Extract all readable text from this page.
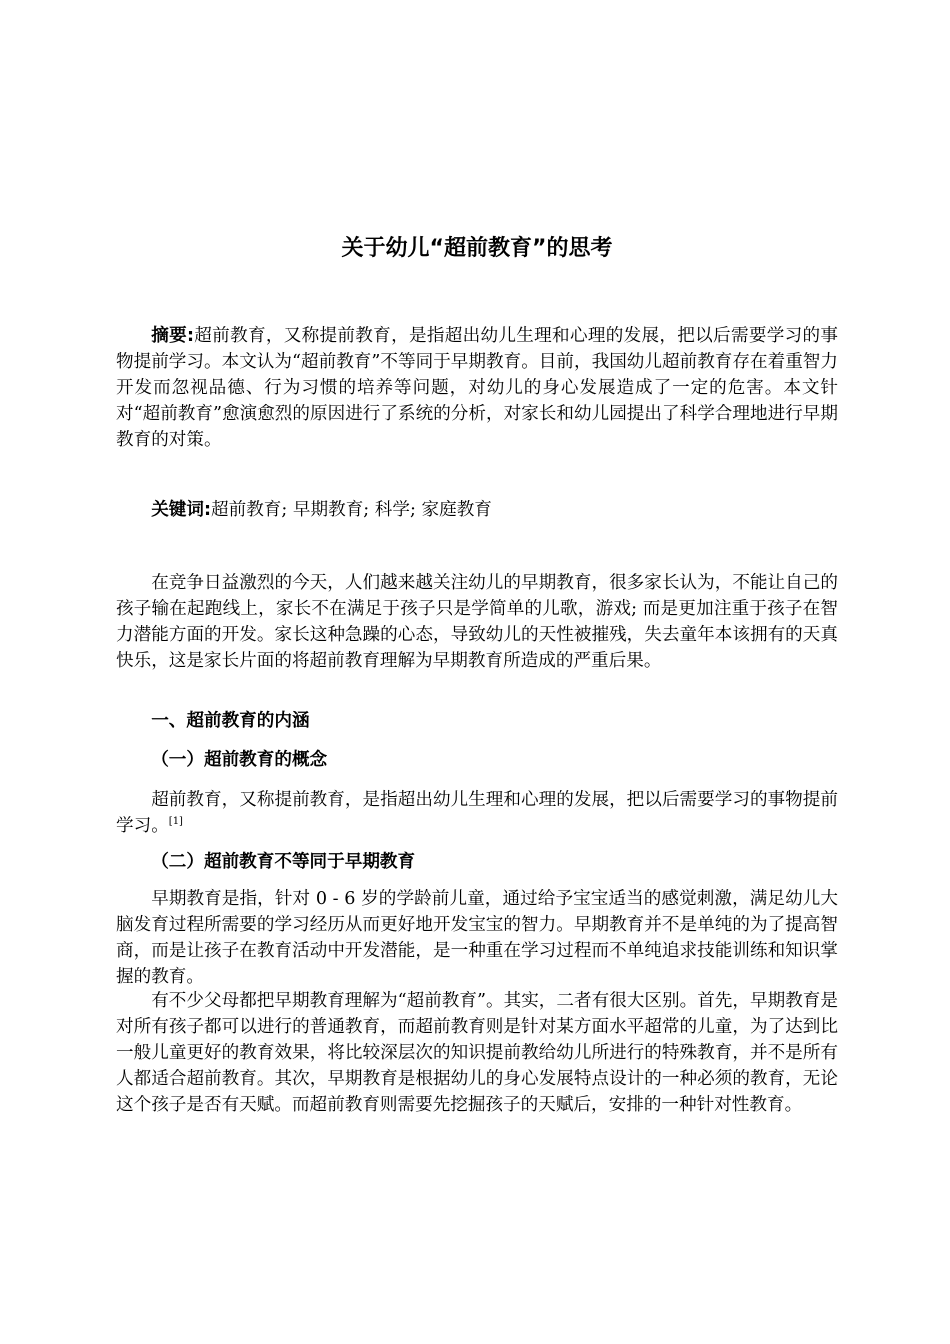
关于幼儿“超前教育”的思考

摘要:超前教育，又称提前教育，是指超出幼儿生理和心理的发展，把以后需要学习的事物提前学习。本文认为“超前教育”不等同于早期教育。目前，我国幼儿超前教育存在着重智力开发而忽视品德、行为习惯的培养等问题，对幼儿的身心发展造成了一定的危害。本文针对“超前教育”愈演愈烈的原因进行了系统的分析，对家长和幼儿园提出了科学合理地进行早期教育的对策。

关键词:超前教育; 早期教育; 科学; 家庭教育

在竞争日益激烈的今天，人们越来越关注幼儿的早期教育，很多家长认为，不能让自己的孩子输在起跑线上，家长不在满足于孩子只是学简单的儿歌，游戏; 而是更加注重于孩子在智力潜能方面的开发。家长这种急躁的心态，导致幼儿的天性被摧残，失去童年本该拥有的天真快乐，这是家长片面的将超前教育理解为早期教育所造成的严重后果。

一、超前教育的内涵
（一）超前教育的概念

超前教育，又称提前教育，是指超出幼儿生理和心理的发展，把以后需要学习的事物提前学习。[1]

（二）超前教育不等同于早期教育

早期教育是指，针对 0 - 6 岁的学龄前儿童，通过给予宝宝适当的感觉刺激，满足幼儿大脑发育过程所需要的学习经历从而更好地开发宝宝的智力。早期教育并不是单纯的为了提高智商，而是让孩子在教育活动中开发潜能，是一种重在学习过程而不单纯追求技能训练和知识掌握的教育。

有不少父母都把早期教育理解为“超前教育”。其实，二者有很大区别。首先，早期教育是对所有孩子都可以进行的普通教育，而超前教育则是针对某方面水平超常的儿童，为了达到比一般儿童更好的教育效果，将比较深层次的知识提前教给幼儿所进行的特殊教育，并不是所有人都适合超前教育。其次，早期教育是根据幼儿的身心发展特点设计的一种必须的教育，无论这个孩子是否有天赋。而超前教育则需要先挖掘孩子的天赋后，安排的一种针对性教育。
